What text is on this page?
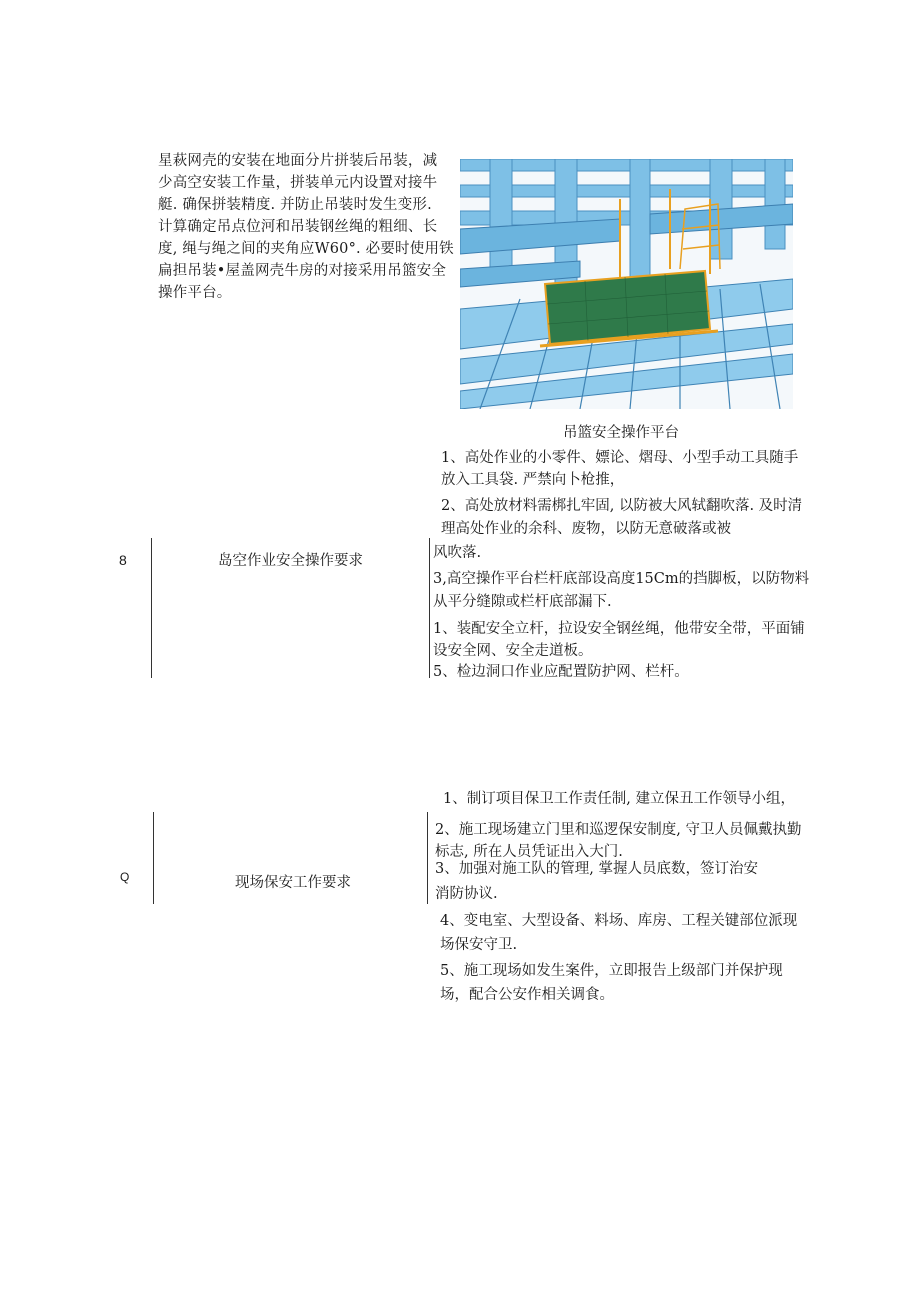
星萩网壳的安装在地面分片拼装后吊装，减
少高空安装工作量，拼装单元内设置对接牛
艇. 确保拼装精度. 并防止吊装时发生变形.
计算确定吊点位河和吊装钢丝绳的粗细、长
度, 绳与绳之间的夹角应W60°. 必要时使用铁
扁担吊装•屋盖网壳牛房的对接采用吊篮安全
操作平台。
吊篮安全操作平台
8	岛空作业安全操作要求
1、高处作业的小零件、嫖论、熠母、小型手动工具随手
放入工具袋. 严禁向卜枪推，
2、高处放材料需梆扎牢固, 以防被大风轼翻吹落. 及时清
理高处作业的余科、废物，以防无意破落或被
风吹落.
3,高空操作平台栏杆底部设高度15Cm的挡脚板，以防物料
从平分缝隙或栏杆底部漏下.
1、装配安全立杆，拉设安全钢丝绳，他带安全带，平面铺
设安全网、安全走道板。
5、检边洞口作业应配置防护网、栏杆。
Q	现场保安工作要求
1、制订项目保卫工作责任制, 建立保丑工作领导小组，
2、施工现场建立门里和巡逻保安制度, 守卫人员佩戴执勤
标志, 所在人员凭证出入大门.
3、加强对施工队的管理, 掌握人员底数，签订治安
消防协议.
4、变电室、大型设备、料场、库房、工程关键部位派现
场保安守卫.
5、施工现场如发生案件，立即报告上级部门并保护现
场，配合公安作相关调食。
